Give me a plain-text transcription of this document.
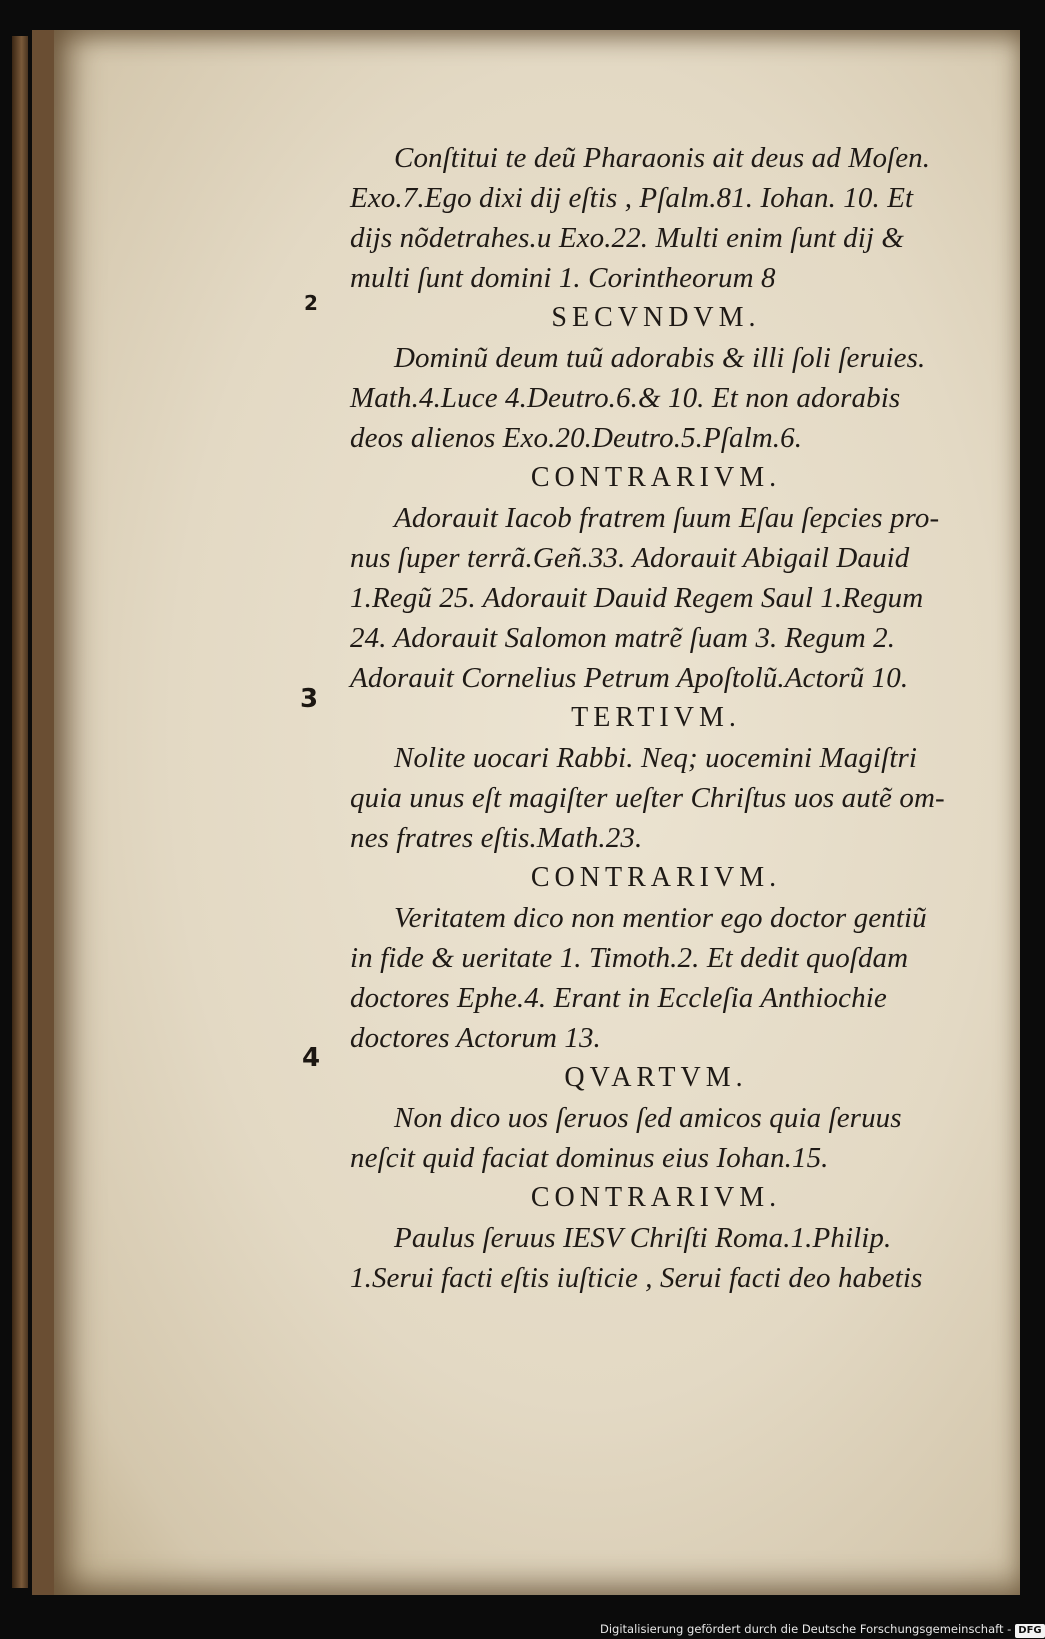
Conſtitui te deũ Pharaonis ait deus ad Moſen.
Exo.7.Ego dixi dij eſtis , Pſalm.81. Iohan. 10. Et
dijs nõdetrahes.u Exo.22. Multi enim ſunt dij &
multi ſunt domini 1. Corintheorum 8
SECVNDVM.
Dominũ deum tuũ adorabis & illi ſoli ſeruies.
Math.4.Luce 4.Deutro.6.& 10. Et non adorabis
deos alienos Exo.20.Deutro.5.Pſalm.6.
CONTRARIVM.
Adorauit Iacob fratrem ſuum Eſau ſepcies pro-
nus ſuper terrã.Geñ.33. Adorauit Abigail Dauid
1.Regũ 25. Adorauit Dauid Regem Saul 1.Regum
24. Adorauit Salomon matrẽ ſuam 3. Regum 2.
Adorauit Cornelius Petrum Apoſtolũ.Actorũ 10.
TERTIVM.
Nolite uocari Rabbi. Neq; uocemini Magiſtri
quia unus eſt magiſter ueſter Chriſtus uos autẽ om-
nes fratres eſtis.Math.23.
CONTRARIVM.
Veritatem dico non mentior ego doctor gentiũ
in fide & ueritate 1. Timoth.2. Et dedit quoſdam
doctores Ephe.4. Erant in Eccleſia Anthiochie
doctores Actorum 13.
QVARTVM.
Non dico uos ſeruos ſed amicos quia ſeruus
neſcit quid faciat dominus eius Iohan.15.
CONTRARIVM.
Paulus ſeruus IESV Chriſti Roma.1.Philip.
1.Serui facti eſtis iuſticie , Serui facti deo habetis
2
3
4
Digitalisierung gefördert durch die Deutsche Forschungsgemeinschaft - DFG
